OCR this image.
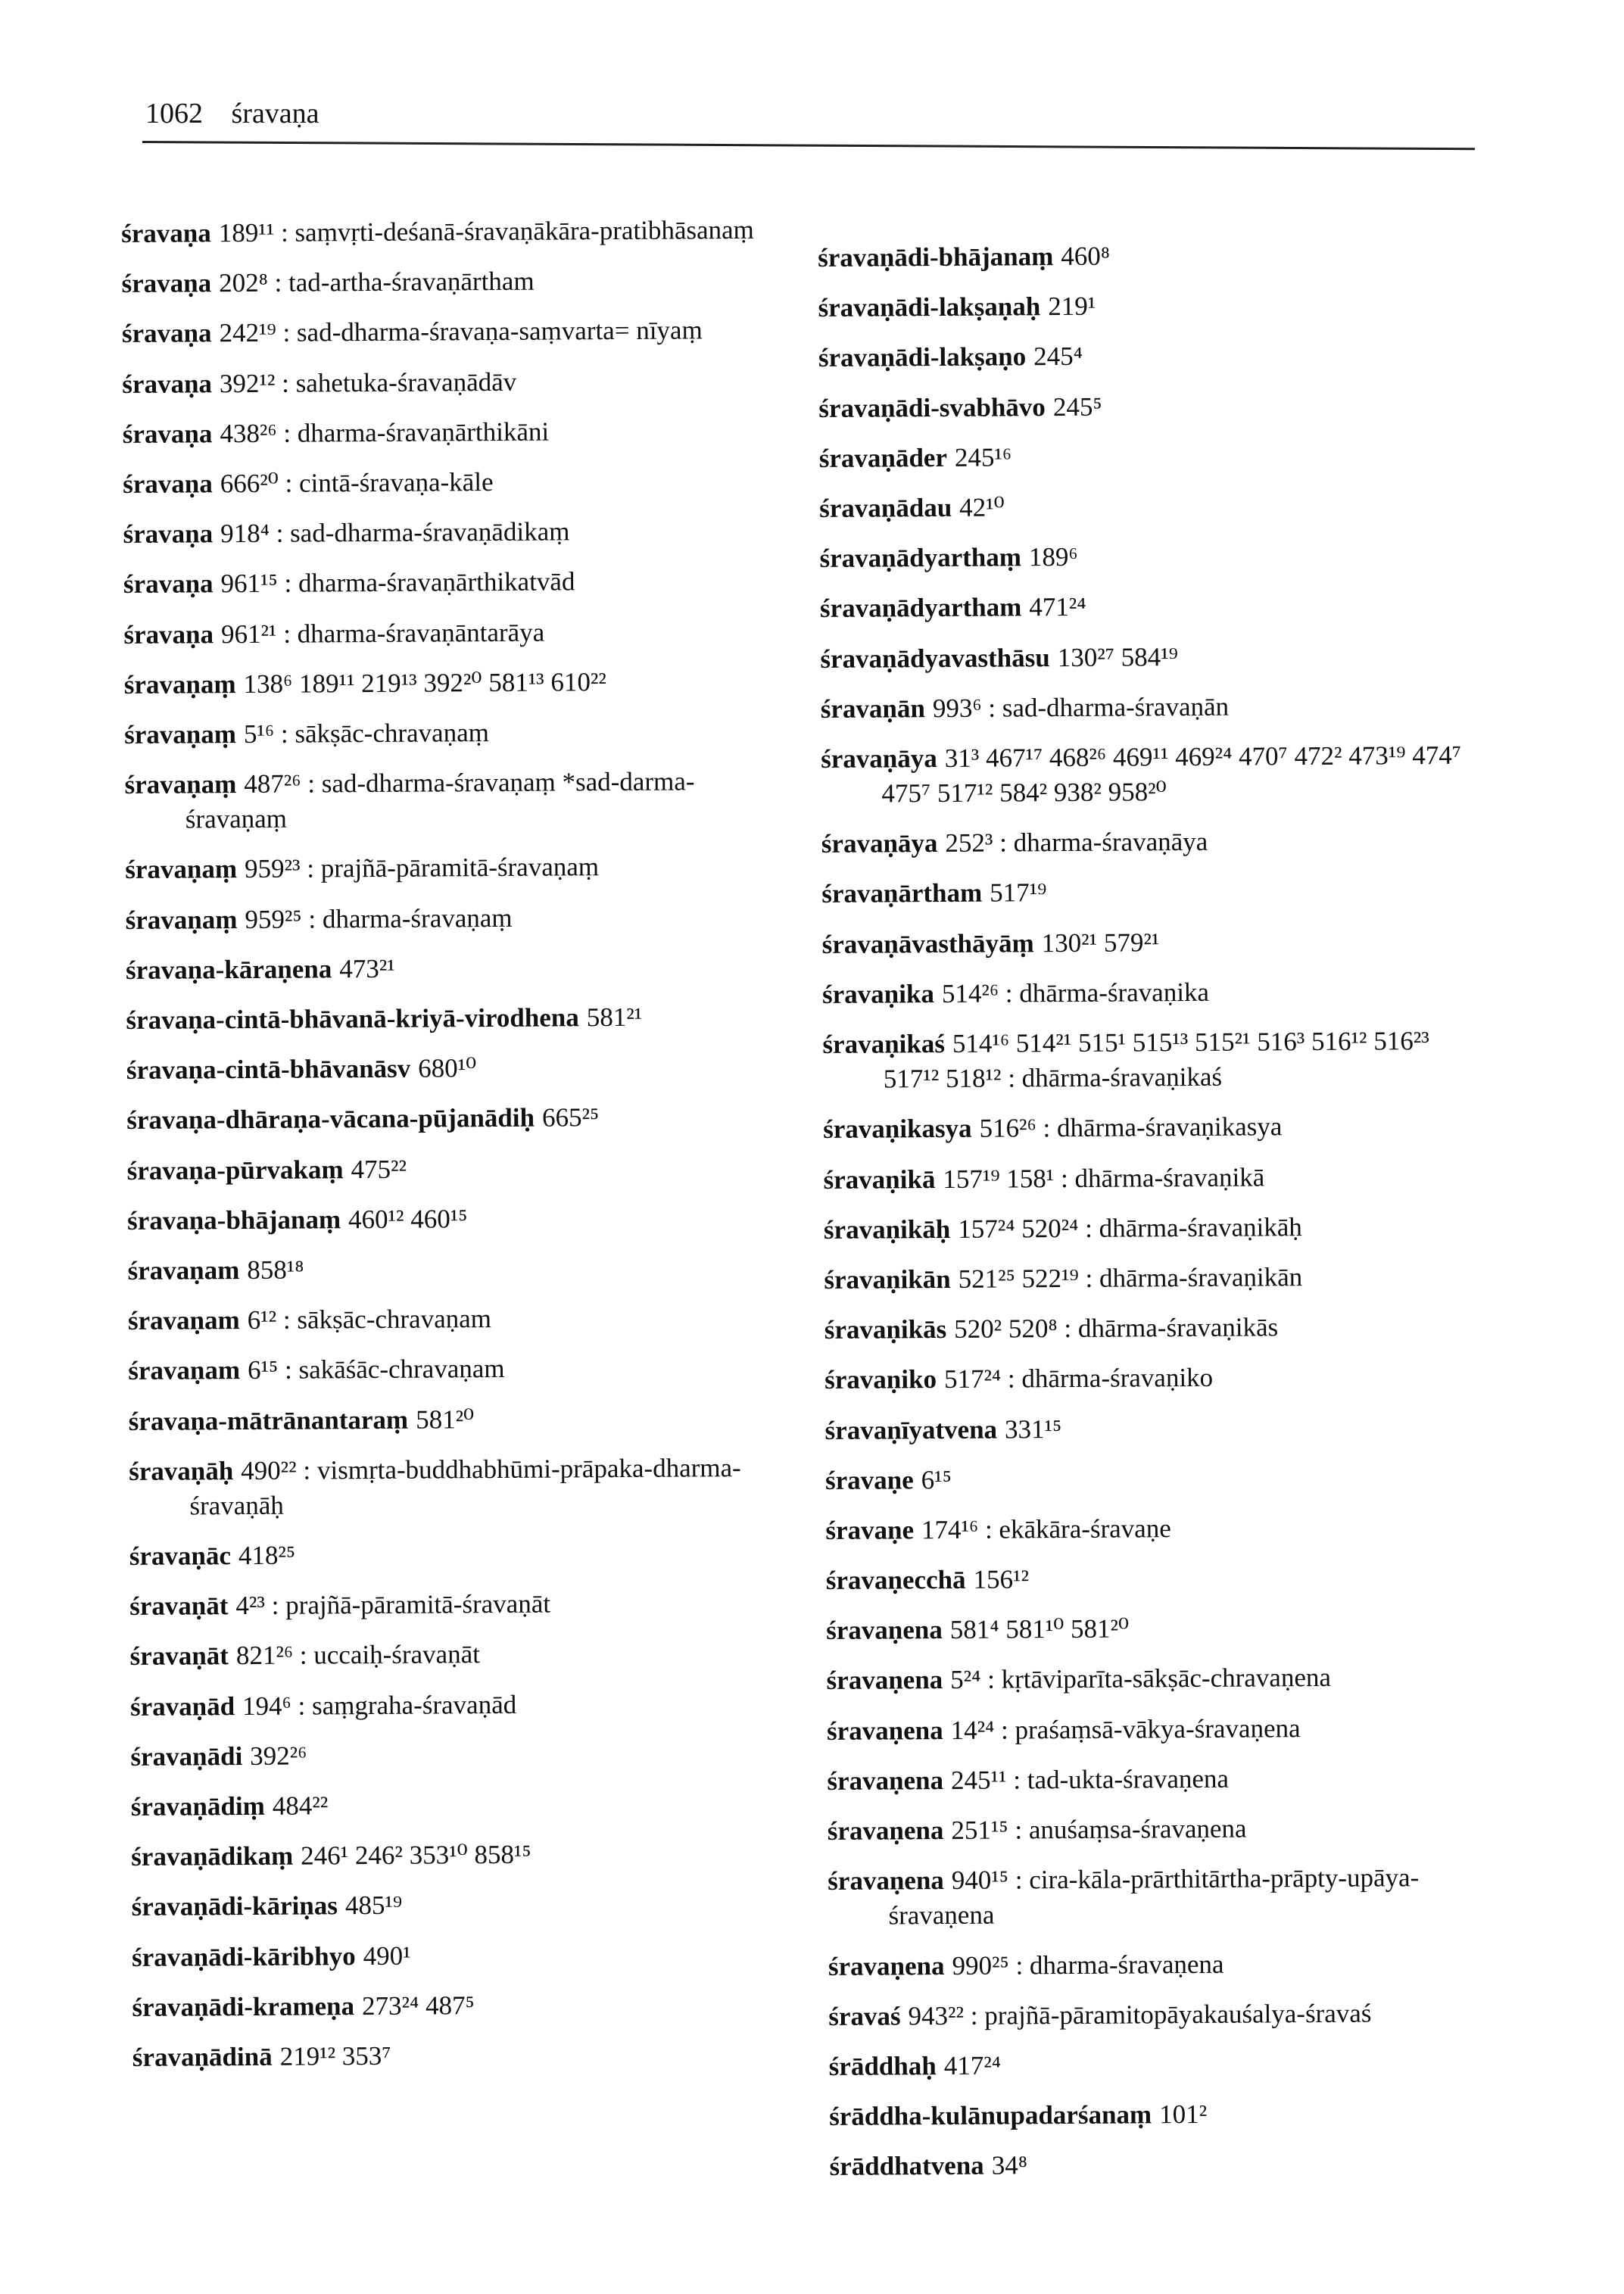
1062 śravaṇa
śravaṇa 189¹¹ : saṃvṛti-deśanā-śravaṇākāra-pratibhāsanaṃ
śravaṇa 202⁸ : tad-artha-śravaṇārtham
śravaṇa 242¹⁹ : sad-dharma-śravaṇa-saṃvarta= nīyaṃ
śravaṇa 392¹² : sahetuka-śravaṇādāv
śravaṇa 438²⁶ : dharma-śravaṇārthikāni
śravaṇa 666²⁰ : cintā-śravaṇa-kāle
śravaṇa 918⁴ : sad-dharma-śravaṇādikaṃ
śravaṇa 961¹⁵ : dharma-śravaṇārthikatvād
śravaṇa 961²¹ : dharma-śravaṇāntarāya
śravaṇaṃ 138⁶ 189¹¹ 219¹³ 392²⁰ 581¹³ 610²²
śravaṇaṃ 5¹⁶ : sākṣāc-chravaṇaṃ
śravaṇaṃ 487²⁶ : sad-dharma-śravaṇaṃ *sad-darma-śravaṇaṃ
śravaṇaṃ 959²³ : prajñā-pāramitā-śravaṇaṃ
śravaṇaṃ 959²⁵ : dharma-śravaṇaṃ
śravaṇa-kāraṇena 473²¹
śravaṇa-cintā-bhāvanā-kriyā-virodhena 581²¹
śravaṇa-cintā-bhāvanāsv 680¹⁰
śravaṇa-dhāraṇa-vācana-pūjanādiḥ 665²⁵
śravaṇa-pūrvakaṃ 475²²
śravaṇa-bhājanaṃ 460¹² 460¹⁵
śravaṇam 858¹⁸
śravaṇam 6¹² : sākṣāc-chravaṇam
śravaṇam 6¹⁵ : sakāśāc-chravaṇam
śravaṇa-mātrānantaraṃ 581²⁰
śravaṇāḥ 490²² : vismṛta-buddhabhūmi-prāpaka-dharma-śravaṇāḥ
śravaṇāc 418²⁵
śravaṇāt 4²³ : prajñā-pāramitā-śravaṇāt
śravaṇāt 821²⁶ : uccaiḥ-śravaṇāt
śravaṇād 194⁶ : saṃgraha-śravaṇād
śravaṇādi 392²⁶
śravaṇādiṃ 484²²
śravaṇādikaṃ 246¹ 246² 353¹⁰ 858¹⁵
śravaṇādi-kāriṇas 485¹⁹
śravaṇādi-kāribhyo 490¹
śravaṇādi-krameṇa 273²⁴ 487⁵
śravaṇādinā 219¹² 353⁷
śravaṇādi-bhājanaṃ 460⁸
śravaṇādi-lakṣaṇaḥ 219¹
śravaṇādi-lakṣaṇo 245⁴
śravaṇādi-svabhāvo 245⁵
śravaṇāder 245¹⁶
śravaṇādau 42¹⁰
śravaṇādyarthaṃ 189⁶
śravaṇādyartham 471²⁴
śravaṇādyavasthāsu 130²⁷ 584¹⁹
śravaṇān 993⁶ : sad-dharma-śravaṇān
śravaṇāya 31³ 467¹⁷ 468²⁶ 469¹¹ 469²⁴ 470⁷ 472² 473¹⁹ 474⁷ 475⁷ 517¹² 584² 938² 958²⁰
śravaṇāya 252³ : dharma-śravaṇāya
śravaṇārtham 517¹⁹
śravaṇāvasthāyāṃ 130²¹ 579²¹
śravaṇika 514²⁶ : dhārma-śravaṇika
śravaṇikaś 514¹⁶ 514²¹ 515¹ 515¹³ 515²¹ 516³ 516¹² 516²³ 517¹² 518¹² : dhārma-śravaṇikaś
śravaṇikasya 516²⁶ : dhārma-śravaṇikasya
śravaṇikā 157¹⁹ 158¹ : dhārma-śravaṇikā
śravaṇikāḥ 157²⁴ 520²⁴ : dhārma-śravaṇikāḥ
śravaṇikān 521²⁵ 522¹⁹ : dhārma-śravaṇikān
śravaṇikās 520² 520⁸ : dhārma-śravaṇikās
śravaṇiko 517²⁴ : dhārma-śravaṇiko
śravaṇīyatvena 331¹⁵
śravaṇe 6¹⁵
śravaṇe 174¹⁶ : ekākāra-śravaṇe
śravaṇecchā 156¹²
śravaṇena 581⁴ 581¹⁰ 581²⁰
śravaṇena 5²⁴ : kṛtāviparīta-sākṣāc-chravaṇena
śravaṇena 14²⁴ : praśaṃsā-vākya-śravaṇena
śravaṇena 245¹¹ : tad-ukta-śravaṇena
śravaṇena 251¹⁵ : anuśaṃsa-śravaṇena
śravaṇena 940¹⁵ : cira-kāla-prārthitārtha-prāpty-upāya-śravaṇena
śravaṇena 990²⁵ : dharma-śravaṇena
śravaś 943²² : prajñā-pāramitopāyakauśalya-śravaś
śrāddhaḥ 417²⁴
śrāddha-kulānupadarśanaṃ 101²
śrāddhatvena 34⁸
